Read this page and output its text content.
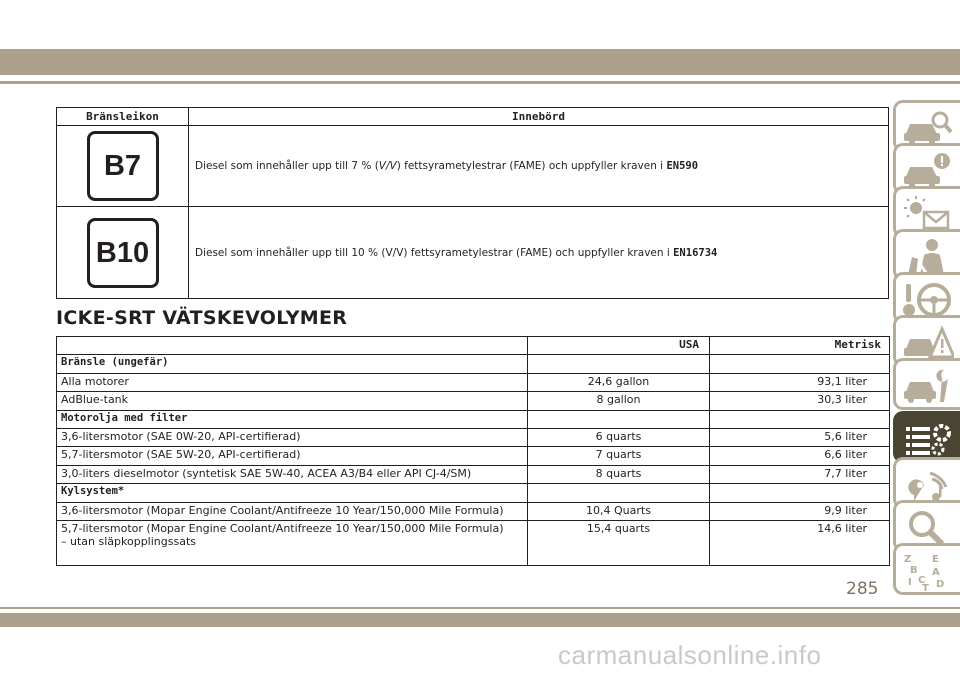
Bränsleikon	Innebörd
B7	Diesel som innehåller upp till 7 % (V/V) fettsyrametylestrar (FAME) och uppfyller kraven i EN590
B10	Diesel som innehåller upp till 10 % (V/V) fettsyrametylestrar (FAME) och uppfyller kraven i EN16734
ICKE-SRT VÄTSKEVOLYMER
	USA	Metrisk
Bränsle (ungefär)		
Alla motorer	24,6 gallon	93,1 liter
AdBlue-tank	8 gallon	30,3 liter
Motorolja med filter		
3,6-litersmotor (SAE 0W-20, API-certifierad)	6 quarts	5,6 liter
5,7-litersmotor (SAE 5W-20, API-certifierad)	7 quarts	6,6 liter
3,0-liters dieselmotor (syntetisk SAE 5W-40, ACEA A3/B4 eller API CJ-4/SM)	8 quarts	7,7 liter
Kylsystem*		
3,6-litersmotor (Mopar Engine Coolant/Antifreeze 10 Year/150,000 Mile Formula)	10,4 Quarts	9,9 liter

5,7-litersmotor (Mopar Engine Coolant/Antifreeze 10 Year/150,000 Mile Formula)
– utan släpkopplingssats	15,4 quarts	14,6 liter
Z E
B A
I C
T D
285
carmanualsonline.info
